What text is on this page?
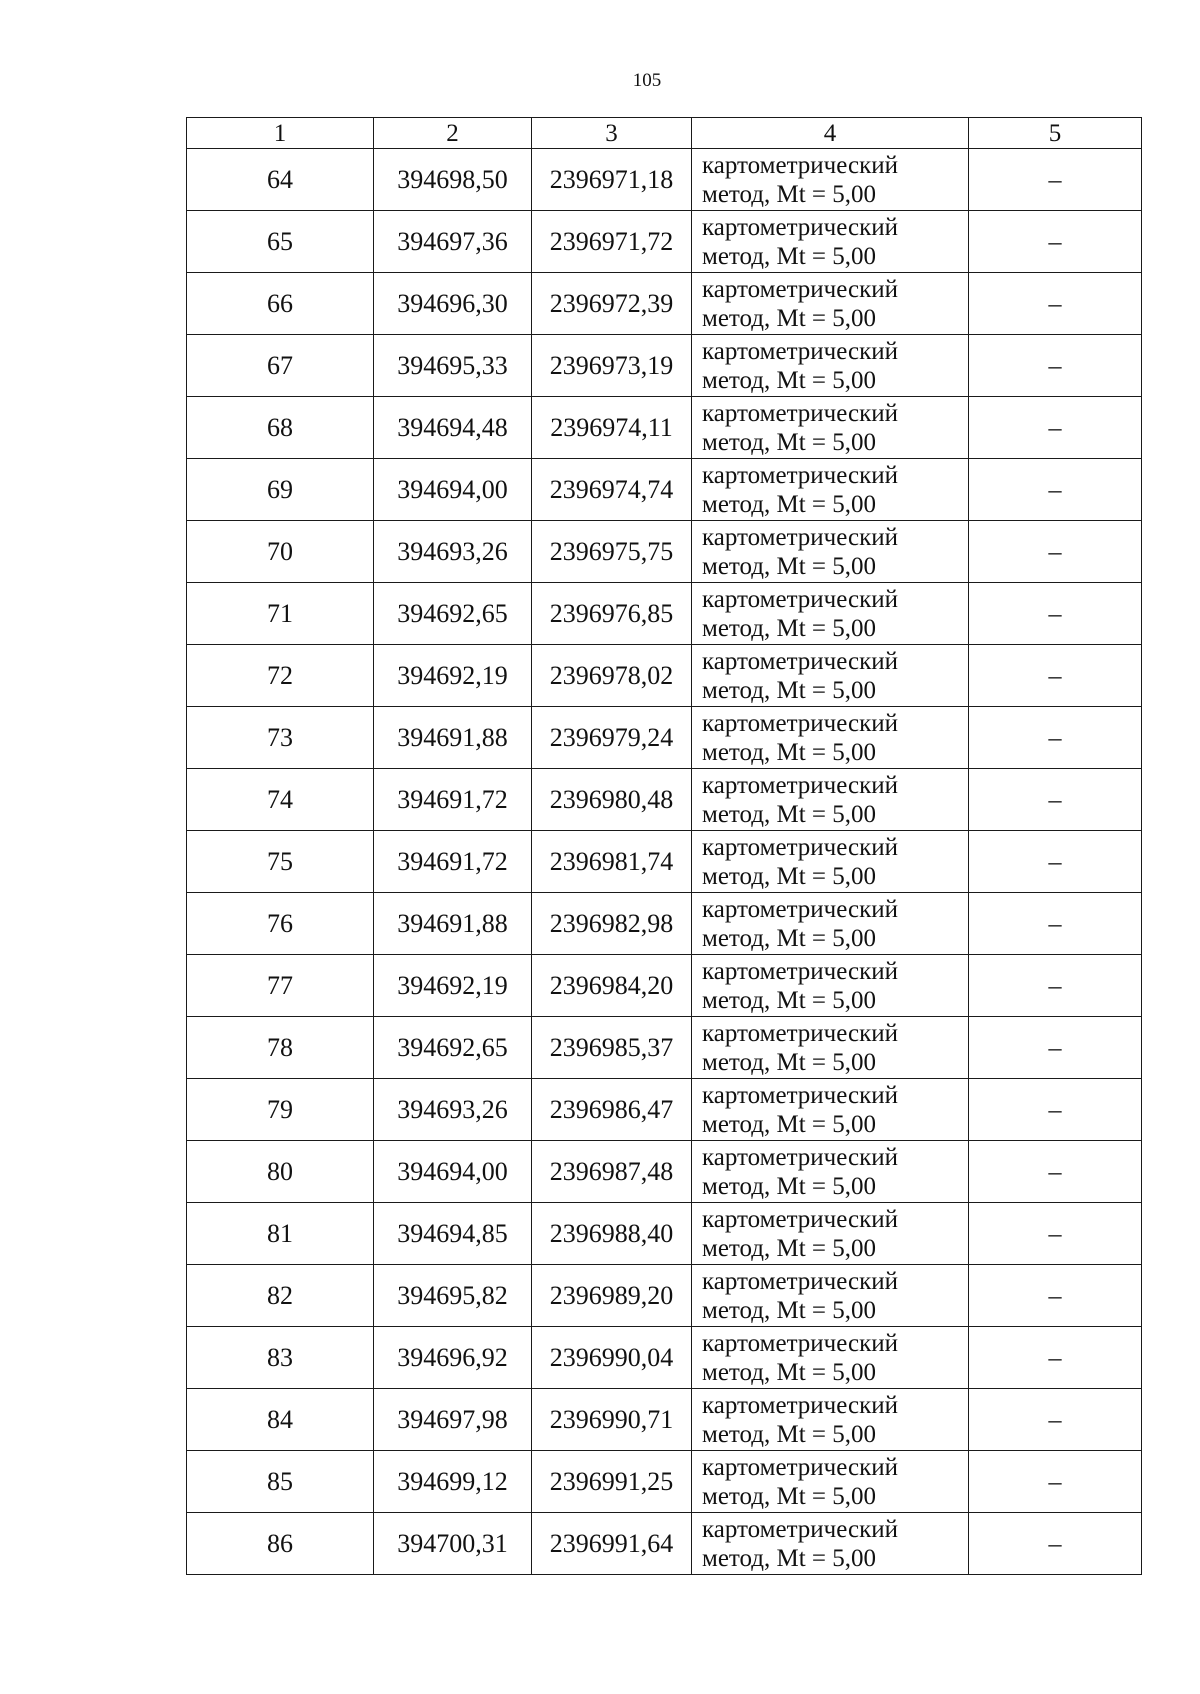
105
1	2	3	4	5
64	394698,50	2396971,18	картометрический
метод, Mt = 5,00	–
65	394697,36	2396971,72	картометрический
метод, Mt = 5,00	–
66	394696,30	2396972,39	картометрический
метод, Mt = 5,00	–
67	394695,33	2396973,19	картометрический
метод, Mt = 5,00	–
68	394694,48	2396974,11	картометрический
метод, Mt = 5,00	–
69	394694,00	2396974,74	картометрический
метод, Mt = 5,00	–
70	394693,26	2396975,75	картометрический
метод, Mt = 5,00	–
71	394692,65	2396976,85	картометрический
метод, Mt = 5,00	–
72	394692,19	2396978,02	картометрический
метод, Mt = 5,00	–
73	394691,88	2396979,24	картометрический
метод, Mt = 5,00	–
74	394691,72	2396980,48	картометрический
метод, Mt = 5,00	–
75	394691,72	2396981,74	картометрический
метод, Mt = 5,00	–
76	394691,88	2396982,98	картометрический
метод, Mt = 5,00	–
77	394692,19	2396984,20	картометрический
метод, Mt = 5,00	–
78	394692,65	2396985,37	картометрический
метод, Mt = 5,00	–
79	394693,26	2396986,47	картометрический
метод, Mt = 5,00	–
80	394694,00	2396987,48	картометрический
метод, Mt = 5,00	–
81	394694,85	2396988,40	картометрический
метод, Mt = 5,00	–
82	394695,82	2396989,20	картометрический
метод, Mt = 5,00	–
83	394696,92	2396990,04	картометрический
метод, Mt = 5,00	–
84	394697,98	2396990,71	картометрический
метод, Mt = 5,00	–
85	394699,12	2396991,25	картометрический
метод, Mt = 5,00	–
86	394700,31	2396991,64	картометрический
метод, Mt = 5,00	–
